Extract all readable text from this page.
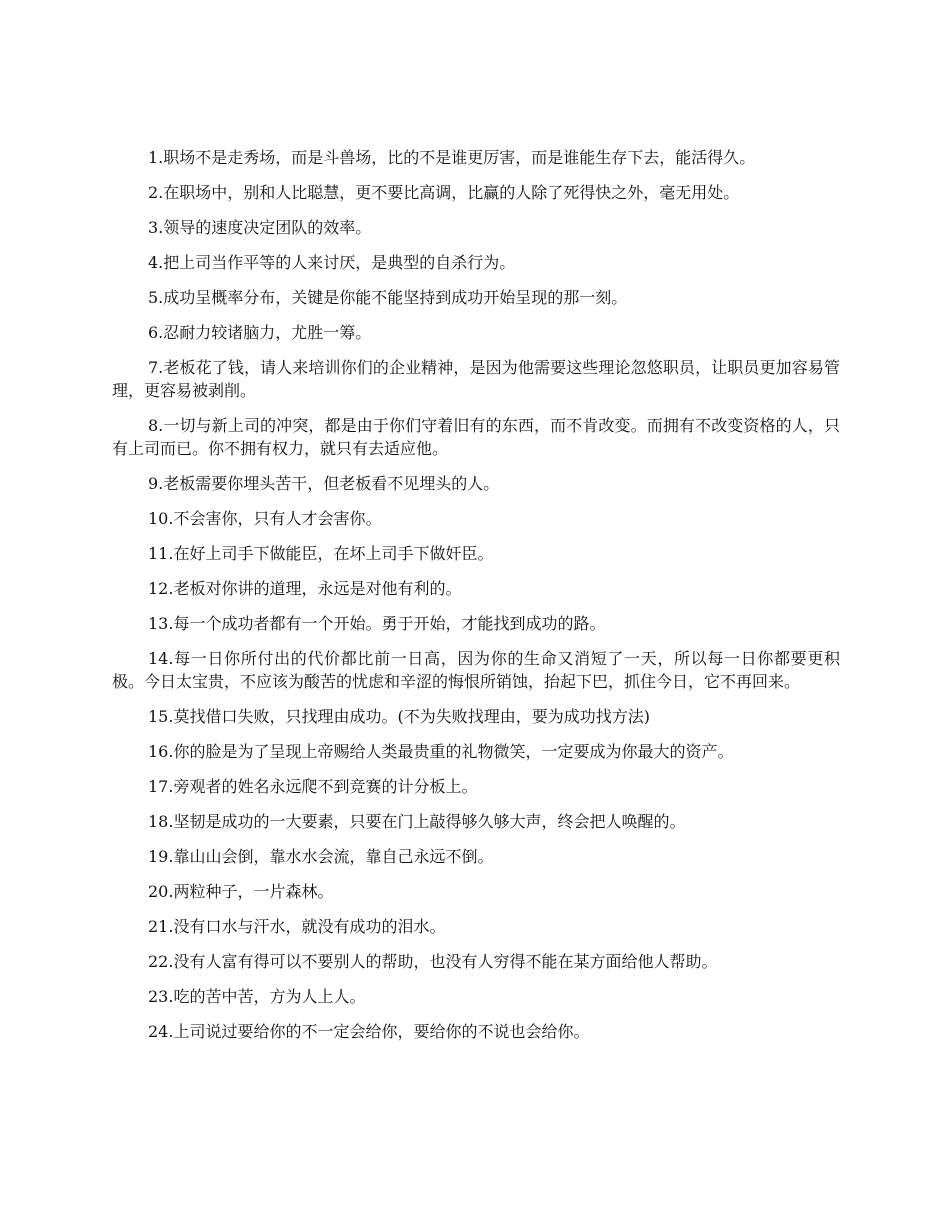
1.职场不是走秀场，而是斗兽场，比的不是谁更厉害，而是谁能生存下去，能活得久。

2.在职场中，别和人比聪慧，更不要比高调，比赢的人除了死得快之外，毫无用处。

3.领导的速度决定团队的效率。

4.把上司当作平等的人来讨厌，是典型的自杀行为。

5.成功呈概率分布，关键是你能不能坚持到成功开始呈现的那一刻。

6.忍耐力较诸脑力，尤胜一筹。

7.老板花了钱，请人来培训你们的企业精神，是因为他需要这些理论忽悠职员，让职员更加容易管理，更容易被剥削。

8.一切与新上司的冲突，都是由于你们守着旧有的东西，而不肯改变。而拥有不改变资格的人，只有上司而已。你不拥有权力，就只有去适应他。

9.老板需要你埋头苦干，但老板看不见埋头的人。

10.不会害你，只有人才会害你。

11.在好上司手下做能臣，在坏上司手下做奸臣。

12.老板对你讲的道理，永远是对他有利的。

13.每一个成功者都有一个开始。勇于开始，才能找到成功的路。

14.每一日你所付出的代价都比前一日高，因为你的生命又消短了一天，所以每一日你都要更积极。今日太宝贵，不应该为酸苦的忧虑和辛涩的悔恨所销蚀，抬起下巴，抓住今日，它不再回来。

15.莫找借口失败，只找理由成功。(不为失败找理由，要为成功找方法)

16.你的脸是为了呈现上帝赐给人类最贵重的礼物微笑，一定要成为你最大的资产。

17.旁观者的姓名永远爬不到竞赛的计分板上。

18.坚韧是成功的一大要素，只要在门上敲得够久够大声，终会把人唤醒的。

19.靠山山会倒，靠水水会流，靠自己永远不倒。

20.两粒种子，一片森林。

21.没有口水与汗水，就没有成功的泪水。

22.没有人富有得可以不要别人的帮助，也没有人穷得不能在某方面给他人帮助。

23.吃的苦中苦，方为人上人。

24.上司说过要给你的不一定会给你，要给你的不说也会给你。
